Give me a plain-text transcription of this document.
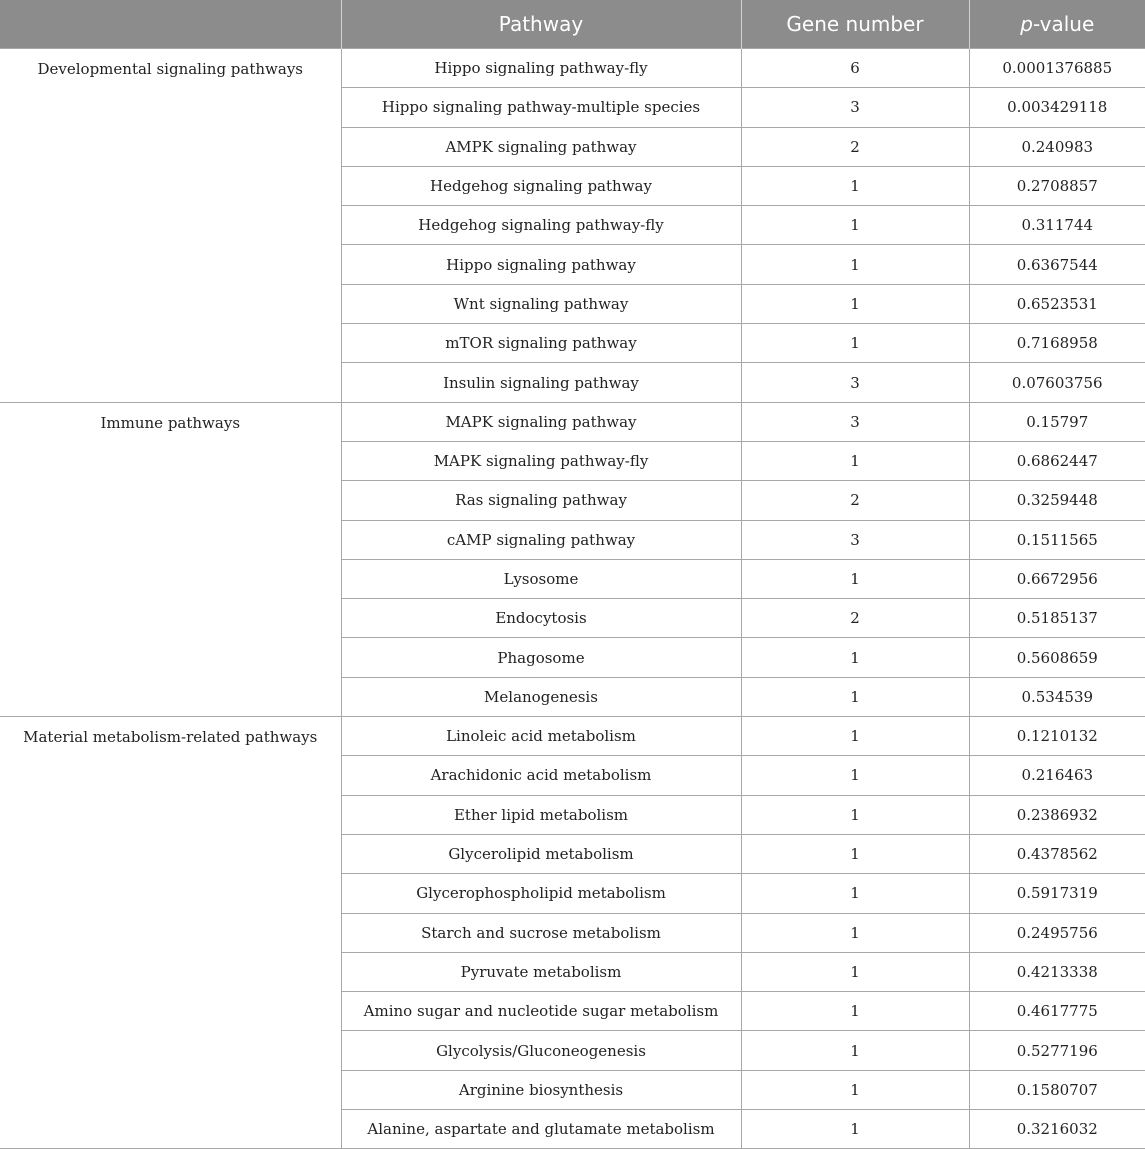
	Pathway	Gene number	p-value
Developmental signaling pathways	Hippo signaling pathway-fly	6	0.0001376885
	Hippo signaling pathway-multiple species	3	0.003429118
	AMPK signaling pathway	2	0.240983
	Hedgehog signaling pathway	1	0.2708857
	Hedgehog signaling pathway-fly	1	0.311744
	Hippo signaling pathway	1	0.6367544
	Wnt signaling pathway	1	0.6523531
	mTOR signaling pathway	1	0.7168958
	Insulin signaling pathway	3	0.07603756
Immune pathways	MAPK signaling pathway	3	0.15797
	MAPK signaling pathway-fly	1	0.6862447
	Ras signaling pathway	2	0.3259448
	cAMP signaling pathway	3	0.1511565
	Lysosome	1	0.6672956
	Endocytosis	2	0.5185137
	Phagosome	1	0.5608659
	Melanogenesis	1	0.534539
Material metabolism-related pathways	Linoleic acid metabolism	1	0.1210132
	Arachidonic acid metabolism	1	0.216463
	Ether lipid metabolism	1	0.2386932
	Glycerolipid metabolism	1	0.4378562
	Glycerophospholipid metabolism	1	0.5917319
	Starch and sucrose metabolism	1	0.2495756
	Pyruvate metabolism	1	0.4213338
	Amino sugar and nucleotide sugar metabolism	1	0.4617775
	Glycolysis/Gluconeogenesis	1	0.5277196
	Arginine biosynthesis	1	0.1580707
	Alanine, aspartate and glutamate metabolism	1	0.3216032
